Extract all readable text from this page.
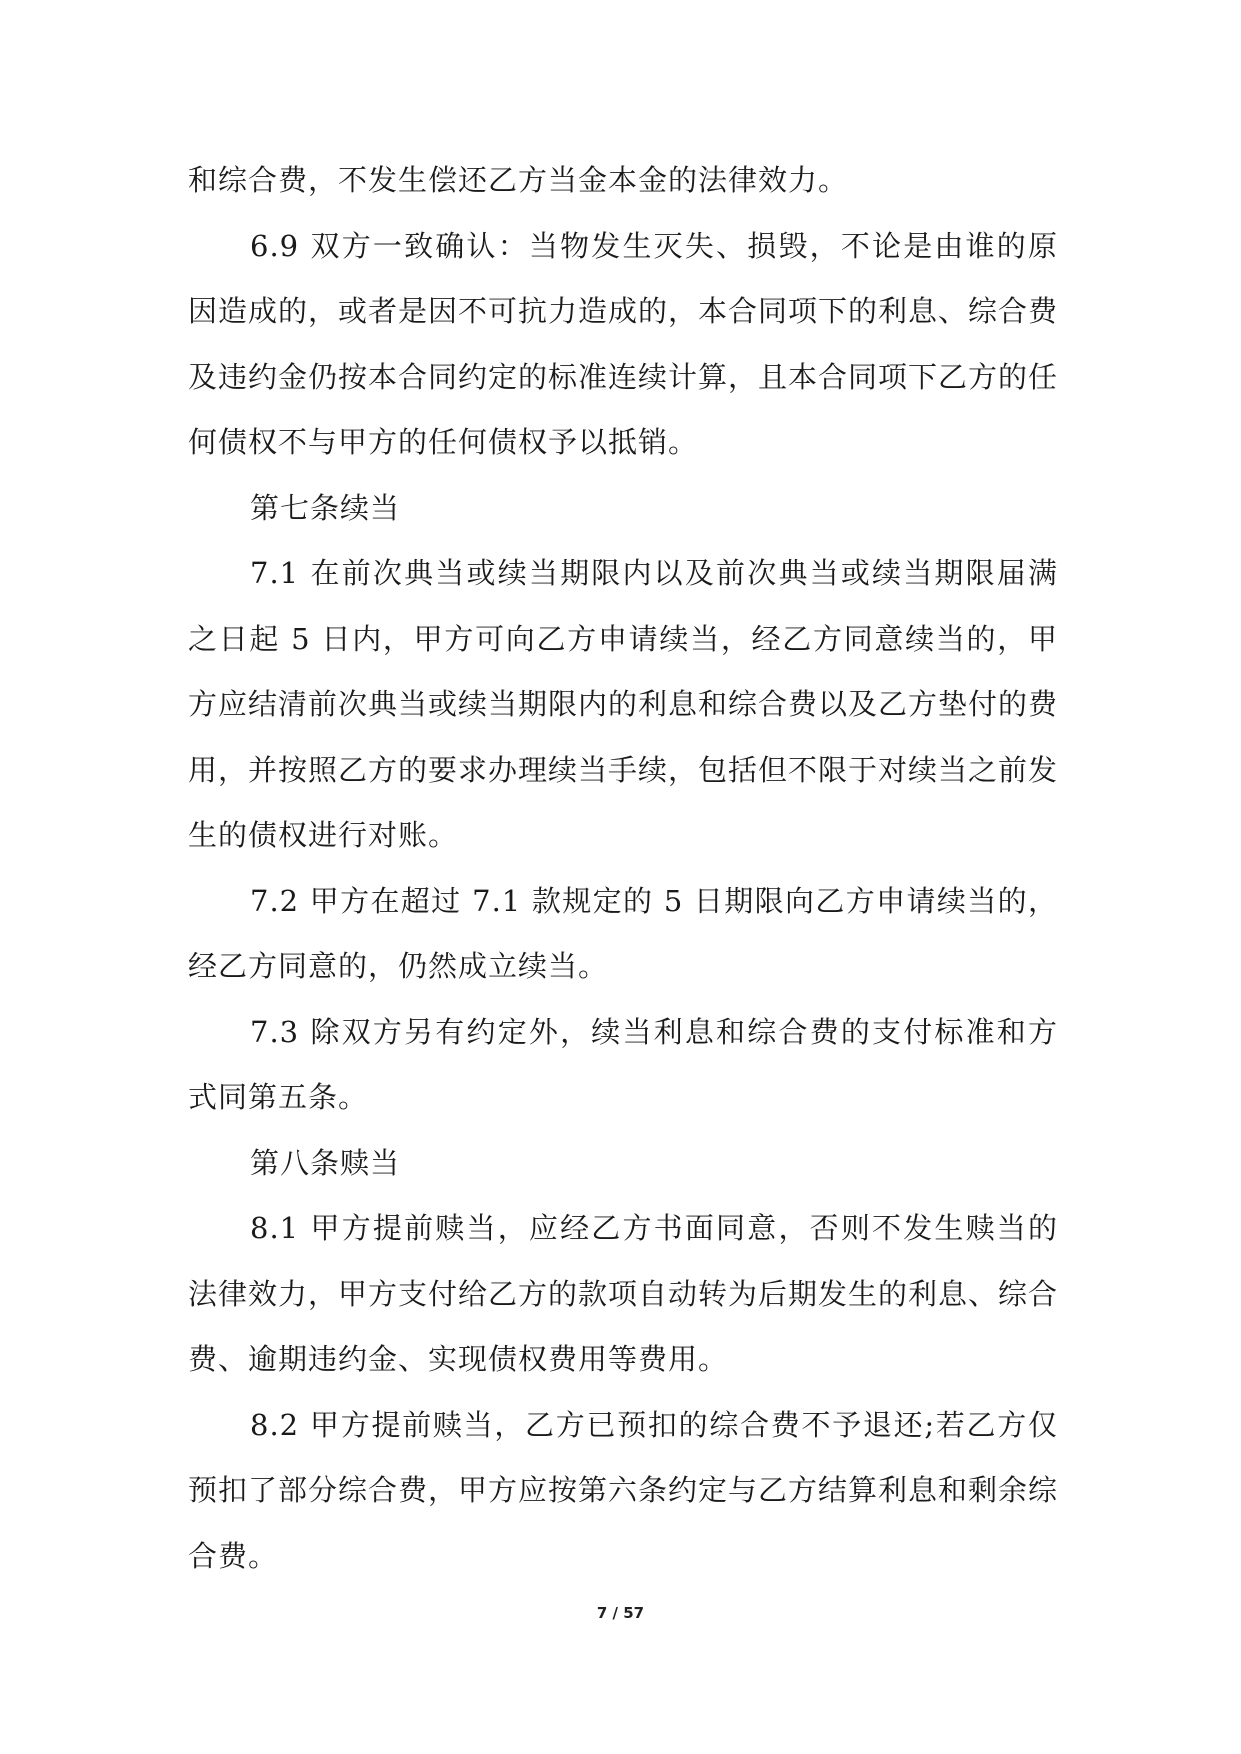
和综合费，不发生偿还乙方当金本金的法律效力。

6.9 双方一致确认：当物发生灭失、损毁，不论是由谁的原因造成的，或者是因不可抗力造成的，本合同项下的利息、综合费及违约金仍按本合同约定的标准连续计算，且本合同项下乙方的任何债权不与甲方的任何债权予以抵销。

第七条续当

7.1 在前次典当或续当期限内以及前次典当或续当期限届满之日起 5 日内，甲方可向乙方申请续当，经乙方同意续当的，甲方应结清前次典当或续当期限内的利息和综合费以及乙方垫付的费用，并按照乙方的要求办理续当手续，包括但不限于对续当之前发生的债权进行对账。

7.2 甲方在超过 7.1 款规定的 5 日期限向乙方申请续当的，经乙方同意的，仍然成立续当。

7.3 除双方另有约定外，续当利息和综合费的支付标准和方式同第五条。

第八条赎当

8.1 甲方提前赎当，应经乙方书面同意，否则不发生赎当的法律效力，甲方支付给乙方的款项自动转为后期发生的利息、综合费、逾期违约金、实现债权费用等费用。

8.2 甲方提前赎当，乙方已预扣的综合费不予退还;若乙方仅预扣了部分综合费，甲方应按第六条约定与乙方结算利息和剩余综合费。

7 / 57
